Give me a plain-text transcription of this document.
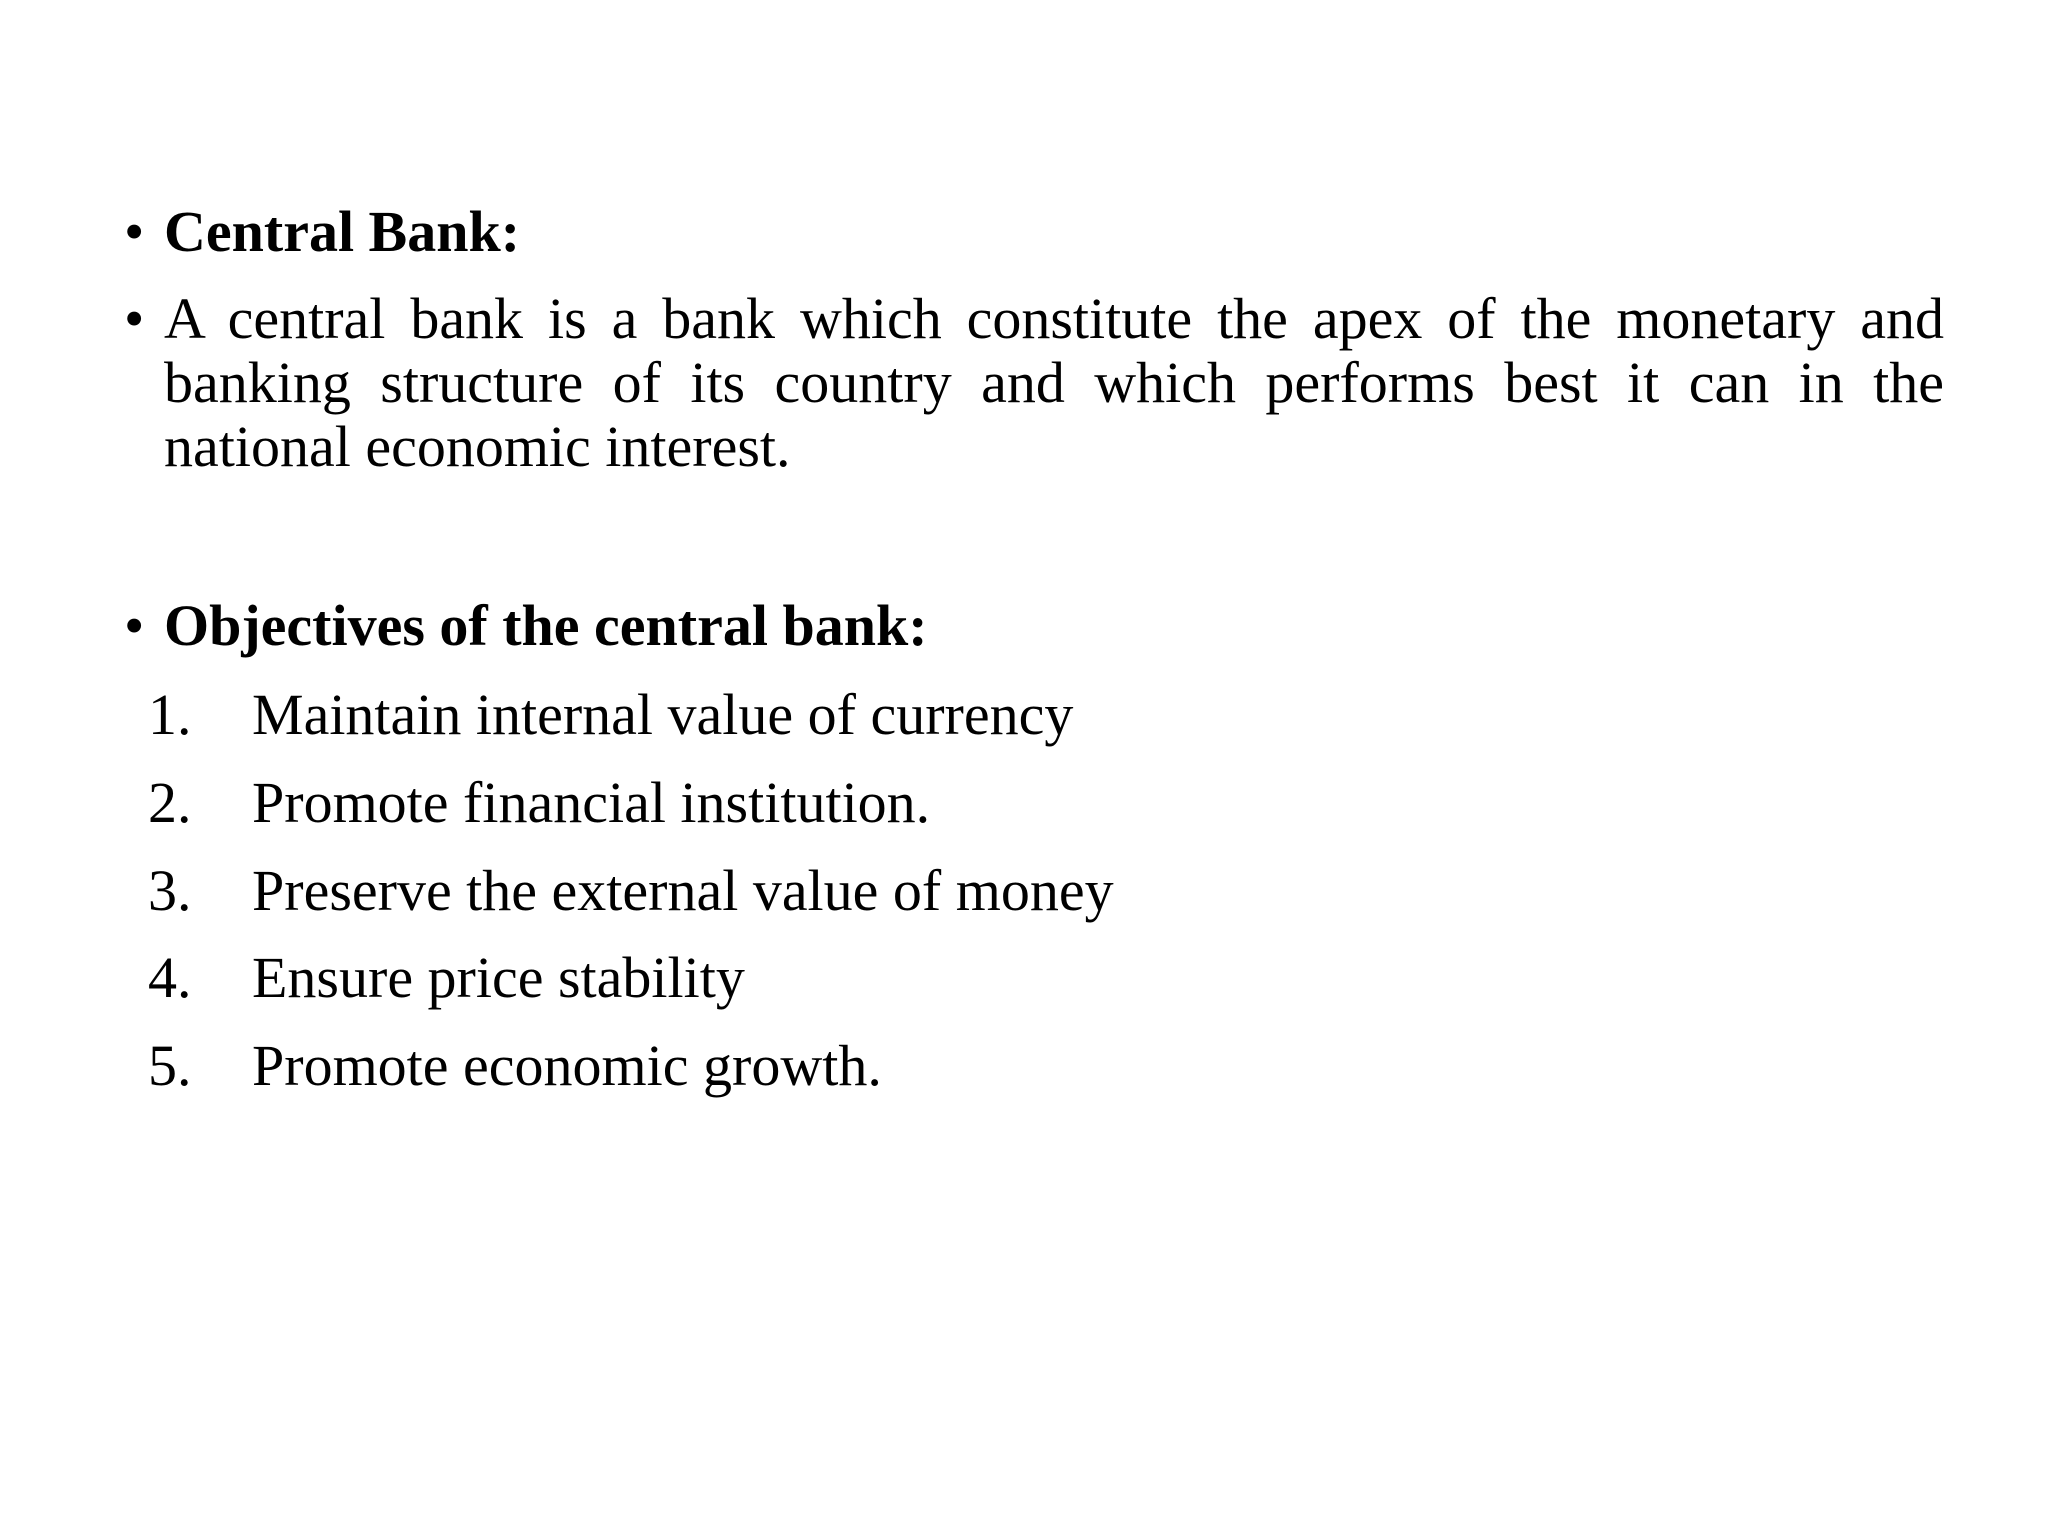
• Central Bank:
• A central bank is a bank which constitute the apex of the monetary and banking structure of its country and which performs best it can in the national economic interest.
• Objectives of the central bank:
1.	Maintain internal value of currency
2.	Promote financial institution.
3.	Preserve the external value of money
4.	Ensure price stability
5.	Promote economic growth.
